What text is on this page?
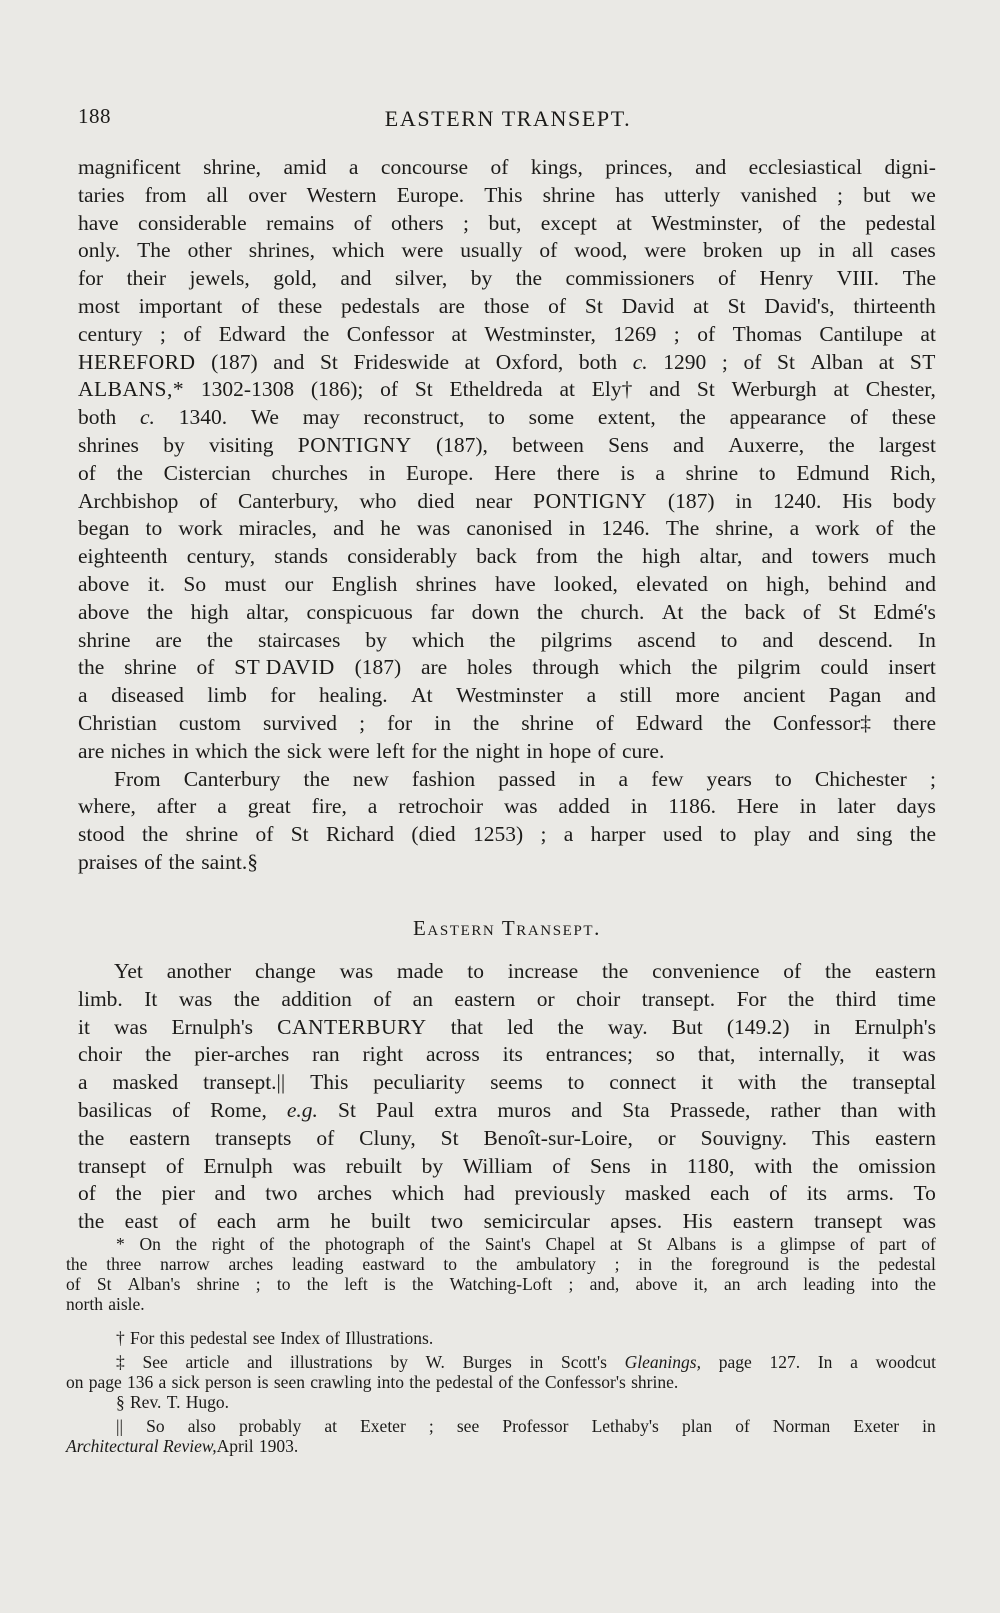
188	EASTERN TRANSEPT.
magnificent shrine, amid a concourse of kings, princes, and ecclesiastical digni-
taries from all over Western Europe. This shrine has utterly vanished ; but we
have considerable remains of others ; but, except at Westminster, of the pedestal
only. The other shrines, which were usually of wood, were broken up in all cases
for their jewels, gold, and silver, by the commissioners of Henry VIII. The
most important of these pedestals are those of St David at St David's, thirteenth
century ; of Edward the Confessor at Westminster, 1269 ; of Thomas Cantilupe at
HEREFORD (187) and St Frideswide at Oxford, both c. 1290 ; of St Alban at ST
ALBANS,* 1302-1308 (186); of St Etheldreda at Ely† and St Werburgh at Chester,
both c. 1340. We may reconstruct, to some extent, the appearance of these
shrines by visiting PONTIGNY (187), between Sens and Auxerre, the largest
of the Cistercian churches in Europe. Here there is a shrine to Edmund Rich,
Archbishop of Canterbury, who died near PONTIGNY (187) in 1240. His body
began to work miracles, and he was canonised in 1246. The shrine, a work of the
eighteenth century, stands considerably back from the high altar, and towers much
above it. So must our English shrines have looked, elevated on high, behind and
above the high altar, conspicuous far down the church. At the back of St Edmé's
shrine are the staircases by which the pilgrims ascend to and descend. In
the shrine of ST DAVID (187) are holes through which the pilgrim could insert
a diseased limb for healing. At Westminster a still more ancient Pagan and
Christian custom survived ; for in the shrine of Edward the Confessor‡ there
are niches in which the sick were left for the night in hope of cure.
From Canterbury the new fashion passed in a few years to Chichester ;
where, after a great fire, a retrochoir was added in 1186. Here in later days
stood the shrine of St Richard (died 1253) ; a harper used to play and sing the
praises of the saint.§
Eastern Transept.
Yet another change was made to increase the convenience of the eastern
limb. It was the addition of an eastern or choir transept. For the third time
it was Ernulph's CANTERBURY that led the way. But (149.2) in Ernulph's
choir the pier-arches ran right across its entrances; so that, internally, it was
a masked transept.|| This peculiarity seems to connect it with the transeptal
basilicas of Rome, e.g. St Paul extra muros and Sta Prassede, rather than with
the eastern transepts of Cluny, St Benoît-sur-Loire, or Souvigny. This eastern
transept of Ernulph was rebuilt by William of Sens in 1180, with the omission
of the pier and two arches which had previously masked each of its arms. To
the east of each arm he built two semicircular apses. His eastern transept was
* On the right of the photograph of the Saint's Chapel at St Albans is a glimpse of part of
the three narrow arches leading eastward to the ambulatory ; in the foreground is the pedestal
of St Alban's shrine ; to the left is the Watching-Loft ; and, above it, an arch leading into the
north aisle.
† For this pedestal see Index of Illustrations.
‡ See article and illustrations by W. Burges in Scott's Gleanings, page 127. In a woodcut
on page 136 a sick person is seen crawling into the pedestal of the Confessor's shrine.
§ Rev. T. Hugo.
|| So also probably at Exeter ; see Professor Lethaby's plan of Norman Exeter in
Architectural Review, April 1903.
